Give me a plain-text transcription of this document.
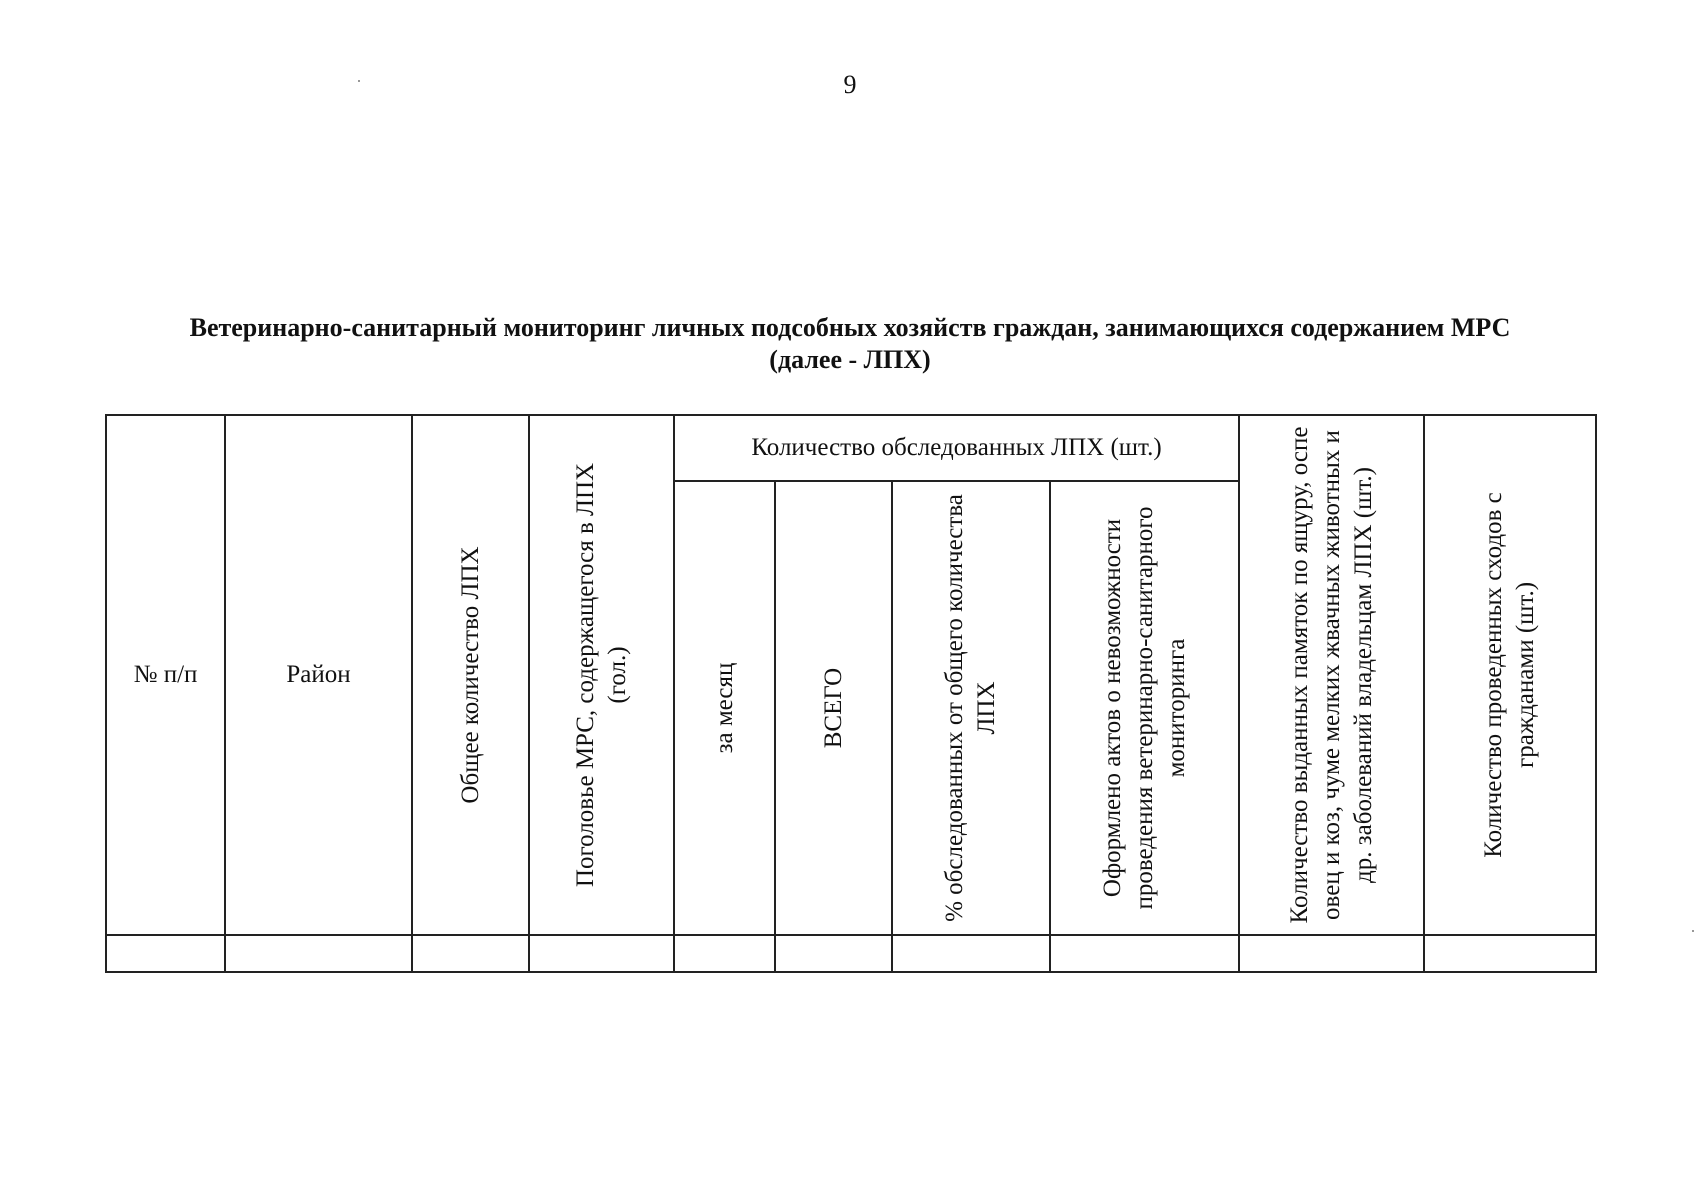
9
Ветеринарно-санитарный мониторинг личных подсобных хозяйств граждан, занимающихся содержанием МРС
(далее - ЛПХ)
№ п/п	Район	Общее количество ЛПХ	Поголовье МРС, содержащегося в ЛПХ (гол.)	Количество обследованных ЛПХ (шт.)				Количество выданных памяток по ящуру, оспе овец и коз, чуме мелких жвачных животных и др. заболеваний владельцам ЛПХ (шт.)	Количество проведенных сходов с гражданами (шт.)

				за месяц	ВСЕГО	% обследованных от общего количества ЛПХ	Оформлено актов о невозможности проведения ветеринарно-санитарного мониторинга		
